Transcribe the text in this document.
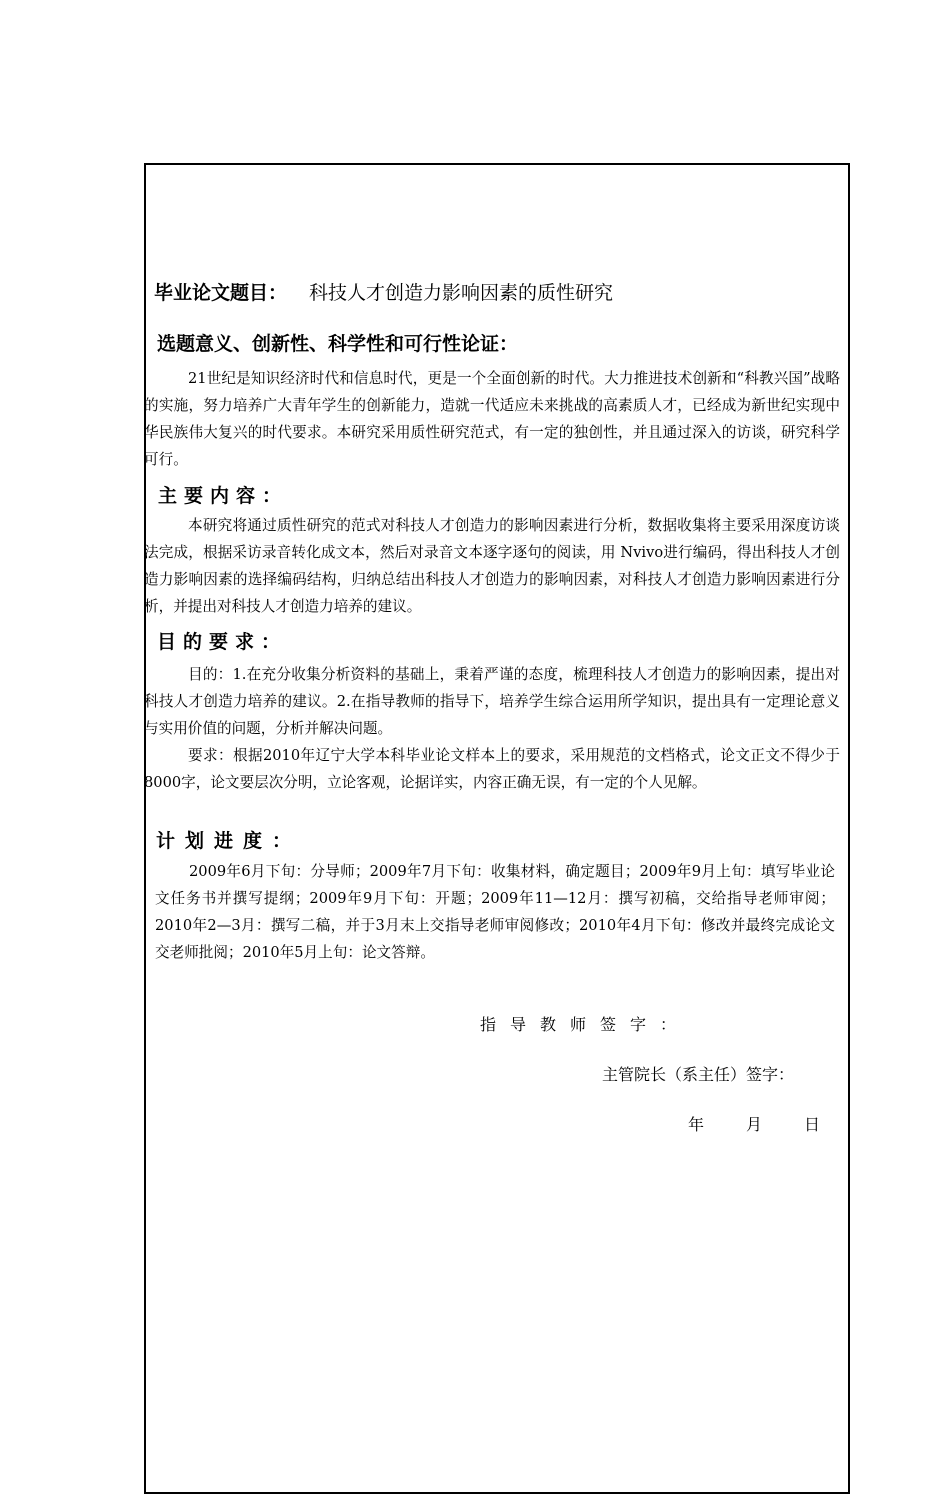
毕业论文题目： 科技人才创造力影响因素的质性研究
选题意义、创新性、科学性和可行性论证：
21世纪是知识经济时代和信息时代，更是一个全面创新的时代。大力推进技术创新和“科教兴国”战略的实施，努力培养广大青年学生的创新能力，造就一代适应未来挑战的高素质人才，已经成为新世纪实现中华民族伟大复兴的时代要求。本研究采用质性研究范式，有一定的独创性，并且通过深入的访谈，研究科学可行。
主要内容：
本研究将通过质性研究的范式对科技人才创造力的影响因素进行分析，数据收集将主要采用深度访谈法完成，根据采访录音转化成文本，然后对录音文本逐字逐句的阅读，用 Nvivo进行编码，得出科技人才创造力影响因素的选择编码结构，归纳总结出科技人才创造力的影响因素，对科技人才创造力影响因素进行分析，并提出对科技人才创造力培养的建议。
目的要求：
目的：1.在充分收集分析资料的基础上，秉着严谨的态度，梳理科技人才创造力的影响因素，提出对科技人才创造力培养的建议。2.在指导教师的指导下，培养学生综合运用所学知识，提出具有一定理论意义与实用价值的问题，分析并解决问题。
要求：根据2010年辽宁大学本科毕业论文样本上的要求，采用规范的文档格式，论文正文不得少于8000字，论文要层次分明，立论客观，论据详实，内容正确无误，有一定的个人见解。
计划进度：
2009年6月下旬：分导师；2009年7月下旬：收集材料，确定题目；2009年9月上旬：填写毕业论文任务书并撰写提纲；2009年9月下旬：开题；2009年11—12月：撰写初稿，交给指导老师审阅；2010年2—3月：撰写二稿，并于3月末上交指导老师审阅修改；2010年4月下旬：修改并最终完成论文交老师批阅；2010年5月上旬：论文答辩。
指导教师签字：
主管院长（系主任）签字：
年	月	日
